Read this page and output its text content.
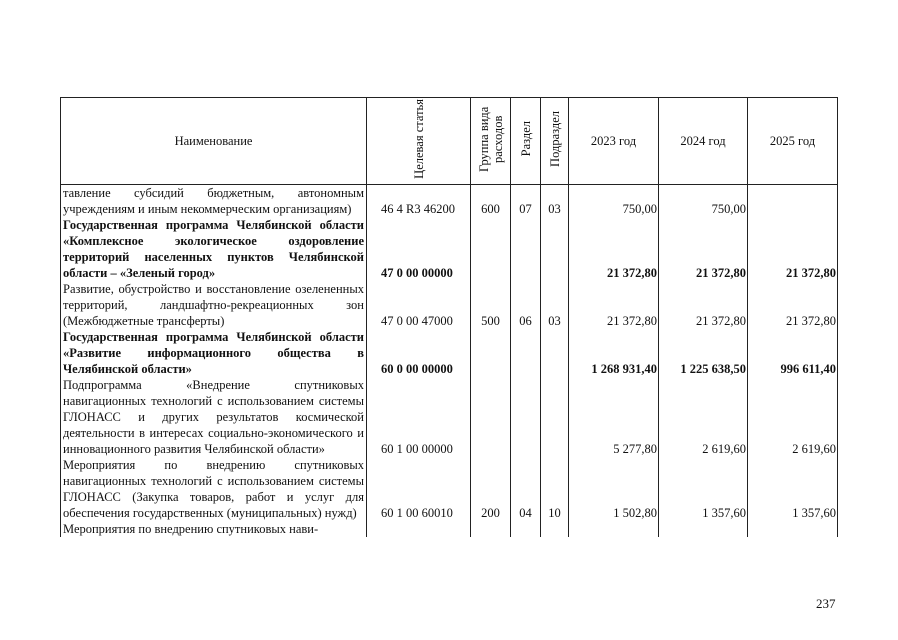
Наименование	Целевая статья	Группа вида расходов	Раздел	Подраздел	2023 год	2024 год	2025 год
тавление субсидий бюджетным, автономным учреждениям и иным некоммерческим организациям)	46 4 R3 46200	600	07	03	750,00	750,00	
Государственная программа Челябинской области «Комплексное экологическое оздоровление территорий населенных пунктов Челябинской области – «Зеленый город»	47 0 00 00000				21 372,80	21 372,80	21 372,80
Развитие, обустройство и восстановление озелененных территорий, ландшафтно-рекреационных зон (Межбюджетные трансферты)	47 0 00 47000	500	06	03	21 372,80	21 372,80	21 372,80
Государственная программа Челябинской области «Развитие информационного общества в Челябинской области»	60 0 00 00000				1 268 931,40	1 225 638,50	996 611,40
Подпрограмма «Внедрение спутниковых навигационных технологий с использованием системы ГЛОНАСС и других результатов космической деятельности в интересах социально-экономического и инновационного развития Челябинской области»	60 1 00 00000				5 277,80	2 619,60	2 619,60
Мероприятия по внедрению спутниковых навигационных технологий с использованием системы ГЛОНАСС (Закупка товаров, работ и услуг для обеспечения государственных (муниципальных) нужд)	60 1 00 60010	200	04	10	1 502,80	1 357,60	1 357,60
Мероприятия по внедрению спутниковых нави-							
237
